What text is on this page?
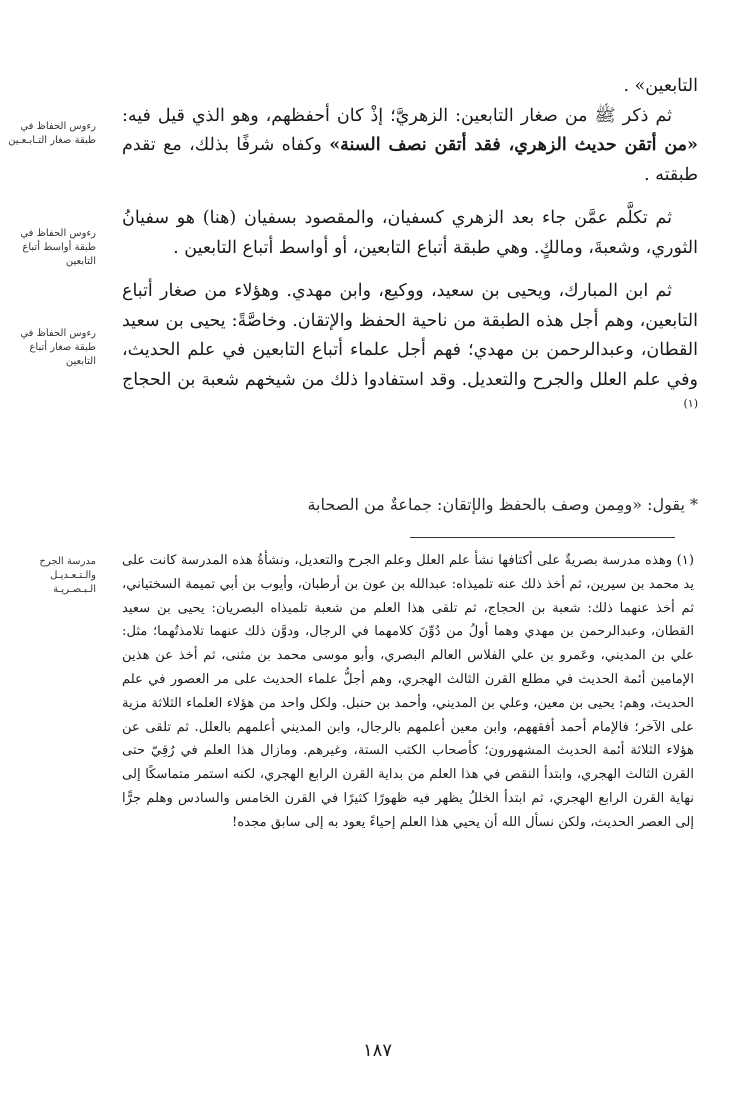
التابعين» .

ثم ذكر ﷺ من صغار التابعين: الزهريَّ؛ إذْ كان أحفظهم، وهو الذي قيل فيه: «من أتقن حديث الزهري، فقد أتقن نصف السنة» وكفاه شرفًا بذلك، مع تقدم طبقته .

ثم تكلَّم عمَّن جاء بعد الزهري كسفيان، والمقصود بسفيان (هنا) هو سفيانُ الثوري، وشعبةَ، ومالكٍ. وهي طبقة أتباع التابعين، أو أواسط أتباع التابعين .

ثم ابن المبارك، ويحيى بن سعيد، ووكيع، وابن مهدي. وهؤلاء من صغار أتباع التابعين، وهم أجل هذه الطبقة من ناحية الحفظ والإتقان. وخاصَّةً: يحيى بن سعيد القطان، وعبدالرحمن بن مهدي؛ فهم أجل علماء أتباع التابعين في علم الحديث، وفي علم العلل والجرح والتعديل. وقد استفادوا ذلك من شيخهم شعبة بن الحجاج $^{(١)}$

* يقول: «ومِمن وصف بالحفظ والإتقان: جماعةٌ من الصحابة
رءوس الحفاظ في طبقة صغار التـابـعـين
رءوس الحفاظ في طبقة أواسط أتباع التابعين
رءوس الحفاظ في طبقة صغار أتباع التابعين
مدرسة الجرح والـتـعـديـل الـبـصـريـة

(١) وهذه مدرسة بصريةٌ على أكتافها نشأ علم العلل وعلم الجرح والتعديل، ونشأةُ هذه المدرسة كانت على يد محمد بن سيرين، ثم أخذ ذلك عنه تلميذاه: عبدالله بن عون بن أرطبان، وأيوب بن أبي تميمة السختياني، ثم أخذ عنهما ذلك: شعبة بن الحجاج، ثم تلقى هذا العلم من شعبة تلميذاه البصريان: يحيى بن سعيد القطان، وعبدالرحمن بن مهدي وهما أولُ من دُوِّنَ كلامهما في الرجال، ودوَّن ذلك عنهما تلامذتُهما؛ مثل: علي بن المديني، وعَمرو بن علي الفلاس العالم البصري، وأبو موسى محمد بن مثنى، ثم أخذ عن هذين الإمامين أئمة الحديث في مطلع القرن الثالث الهجري، وهم أجلُّ علماء الحديث على مر العصور في علم الحديث، وهم: يحيى بن معين، وعلي بن المديني، وأحمد بن حنبل. ولكل واحد من هؤلاء العلماء الثلاثة مزية على الآخر؛ فالإمام أحمد أفقههم، وابن معين أعلمهم بالرجال، وابن المديني أعلمهم بالعلل. ثم تلقى عن هؤلاء الثلاثة أئمة الحديث المشهورون؛ كأصحاب الكتب الستة، وغيرهم. ومازال هذا العلم في رُقِيّ حتى القرن الثالث الهجري، وابتدأ النقص في هذا العلم من بداية القرن الرابع الهجري، لكنه استمر متماسكًا إلى نهاية القرن الرابع الهجري، ثم ابتدأ الخللُ يظهر فيه ظهورًا كثيرًا في القرن الخامس والسادس وهلم جرًّا إلى العصر الحديث، ولكن نسأل الله أن يحيي هذا العلم إحياءً يعود به إلى سابق مجده!

١٨٧
